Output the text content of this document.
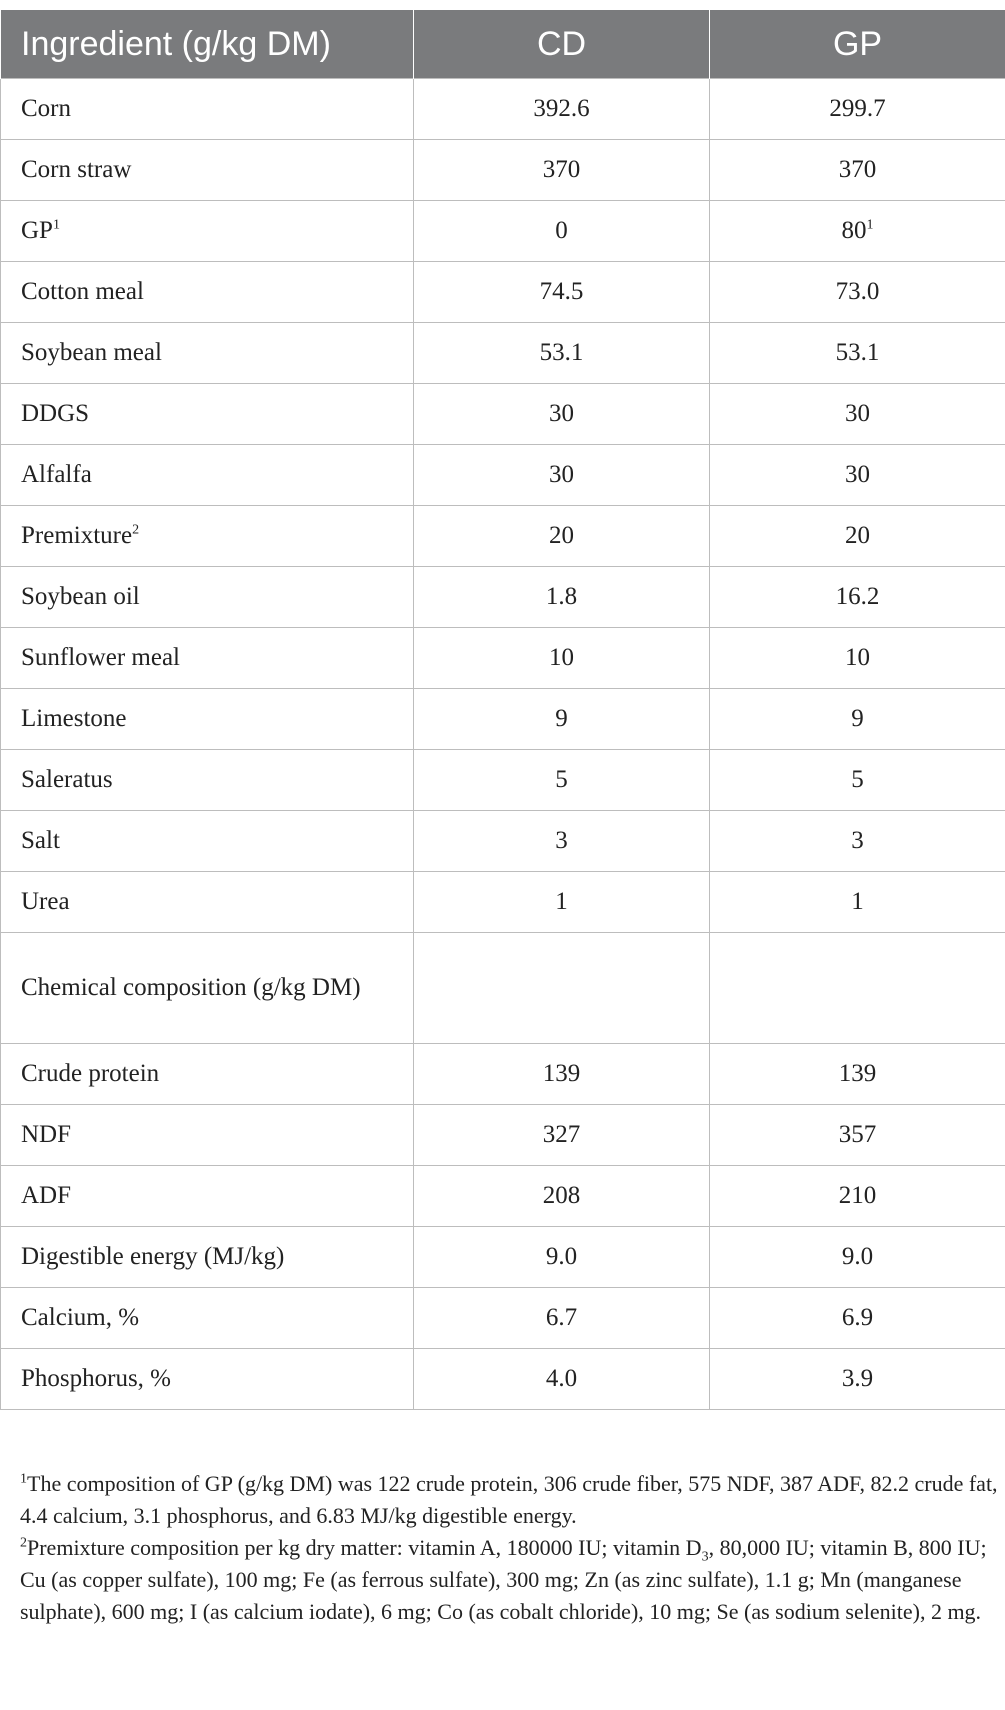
Ingredient (g/kg DM)	CD	GP
Corn	392.6	299.7
Corn straw	370	370
$GP^1$	0	$80^1$
Cotton meal	74.5	73.0
Soybean meal	53.1	53.1
DDGS	30	30
Alfalfa	30	30
Premixture$^2$	20	20
Soybean oil	1.8	16.2
Sunflower meal	10	10
Limestone	9	9
Saleratus	5	5
Salt	3	3
Urea	1	1
Chemical composition (g/kg DM)		
Crude protein	139	139
NDF	327	357
ADF	208	210
Digestible energy (MJ/kg)	9.0	9.0
Calcium, %	6.7	6.9
Phosphorus, %	4.0	3.9

$^1$The composition of GP (g/kg DM) was 122 crude protein, 306 crude fiber, 575 NDF, 387 ADF, 82.2 crude fat, 4.4 calcium, 3.1 phosphorus, and 6.83 MJ/kg digestible energy.

$^2$Premixture composition per kg dry matter: vitamin A, 180000 IU; vitamin $D_3$, 80,000 IU; vitamin B, 800 IU; Cu (as copper sulfate), 100 mg; Fe (as ferrous sulfate), 300 mg; Zn (as zinc sulfate), 1.1 g; Mn (manganese sulphate), 600 mg; I (as calcium iodate), 6 mg; Co (as cobalt chloride), 10 mg; Se (as sodium selenite), 2 mg.
